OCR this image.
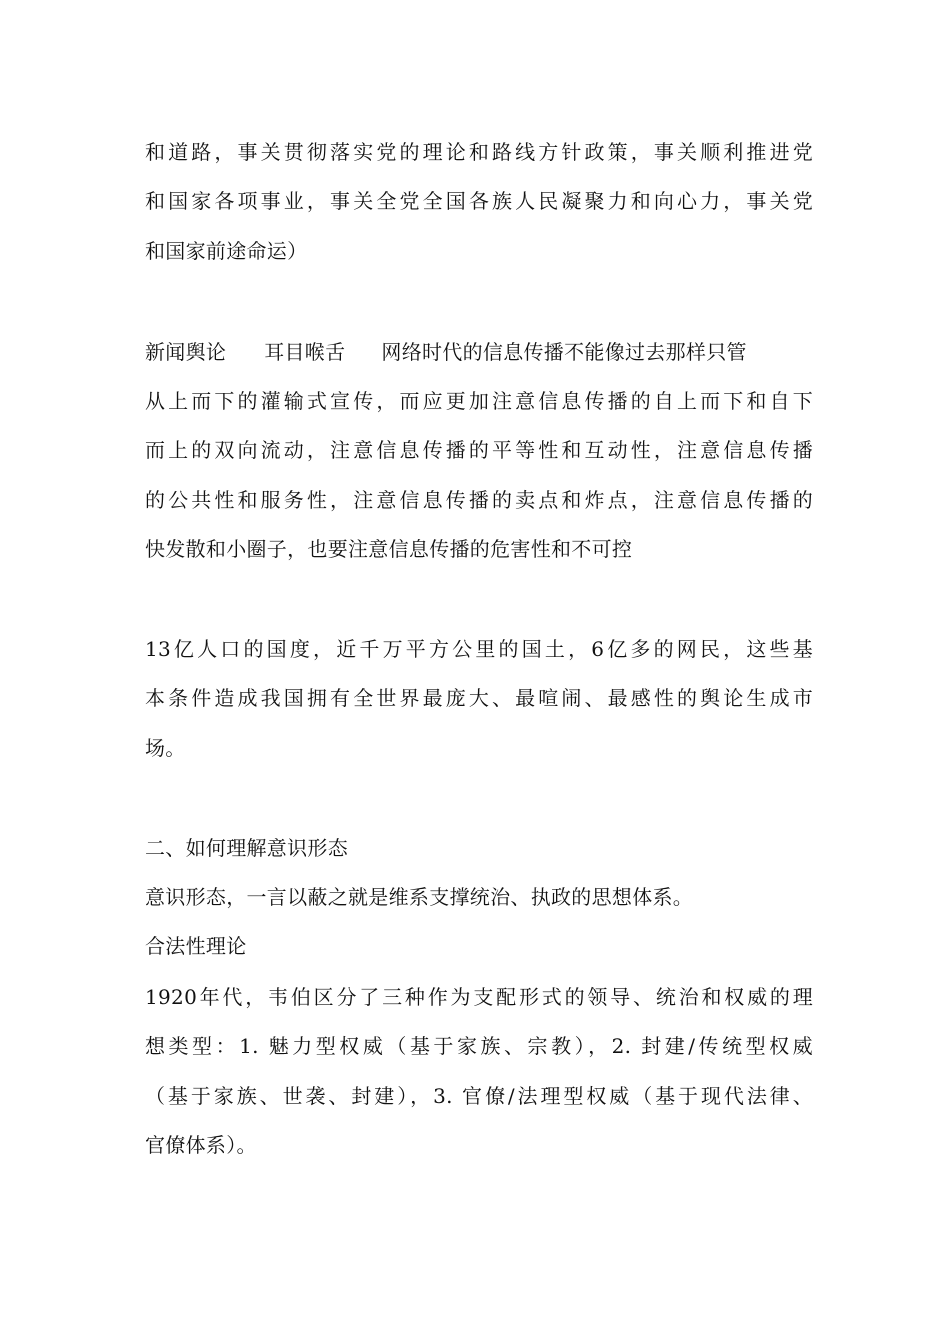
和道路，事关贯彻落实党的理论和路线方针政策，事关顺利推进党
和国家各项事业，事关全党全国各族人民凝聚力和向心力，事关党
和国家前途命运）
新闻舆论 耳目喉舌 网络时代的信息传播不能像过去那样只管
从上而下的灌输式宣传，而应更加注意信息传播的自上而下和自下
而上的双向流动，注意信息传播的平等性和互动性，注意信息传播
的公共性和服务性，注意信息传播的卖点和炸点，注意信息传播的
快发散和小圈子，也要注意信息传播的危害性和不可控
13亿人口的国度，近千万平方公里的国土，6亿多的网民，这些基
本条件造成我国拥有全世界最庞大、最喧闹、最感性的舆论生成市
场。
二、如何理解意识形态
意识形态，一言以蔽之就是维系支撑统治、执政的思想体系。
合法性理论
1920年代，韦伯区分了三种作为支配形式的领导、统治和权威的理
想类型：1. 魅力型权威（基于家族、宗教），2. 封建/传统型权威
（基于家族、世袭、封建），3. 官僚/法理型权威（基于现代法律、
官僚体系）。
